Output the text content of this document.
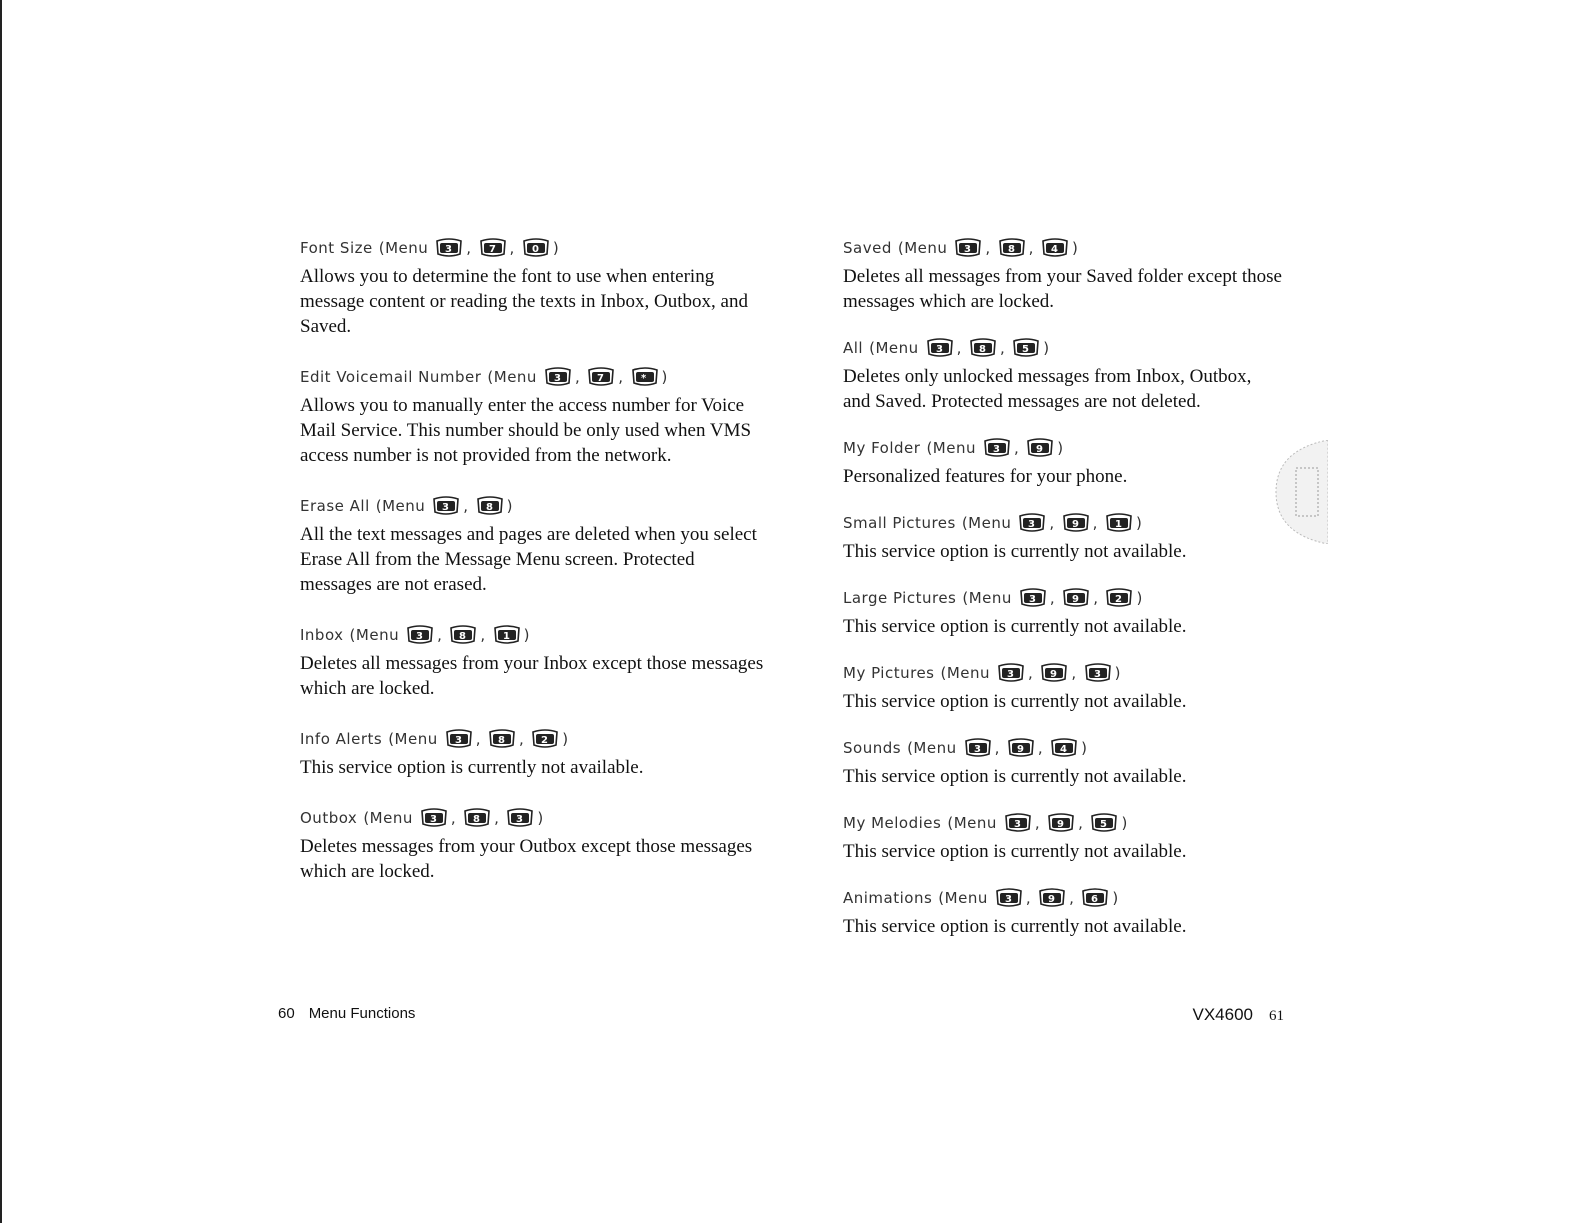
Font Size (Menu 3 , 7 , 0 )

Allows you to determine the font to use when entering message content or reading the texts in Inbox, Outbox, and Saved.

Edit Voicemail Number (Menu 3 , 7 , * )

Allows you to manually enter the access number for Voice Mail Service. This number should be only used when VMS access number is not provided from the network.

Erase All (Menu 3 , 8 )

All the text messages and pages are deleted when you select Erase All from the Message Menu screen. Protected messages are not erased.

Inbox (Menu 3 , 8 , 1 )

Deletes all messages from your Inbox except those messages which are locked.

Info Alerts (Menu 3 , 8 , 2 )

This service option is currently not available.

Outbox (Menu 3 , 8 , 3 )

Deletes messages from your Outbox except those messages which are locked.

Saved (Menu 3 , 8 , 4 )

Deletes all messages from your Saved folder except those messages which are locked.

All (Menu 3 , 8 , 5 )

Deletes only unlocked messages from Inbox, Outbox, and Saved. Protected messages are not deleted.

My Folder (Menu 3 , 9 )

Personalized features for your phone.

Small Pictures (Menu 3 , 9 , 1 )

This service option is currently not available.

Large Pictures (Menu 3 , 9 , 2 )

This service option is currently not available.

My Pictures (Menu 3 , 9 , 3 )

This service option is currently not available.

Sounds (Menu 3 , 9 , 4 )

This service option is currently not available.

My Melodies (Menu 3 , 9 , 5 )

This service option is currently not available.

Animations (Menu 3 , 9 , 6 )

This service option is currently not available.

60 Menu Functions	VX4600 61
